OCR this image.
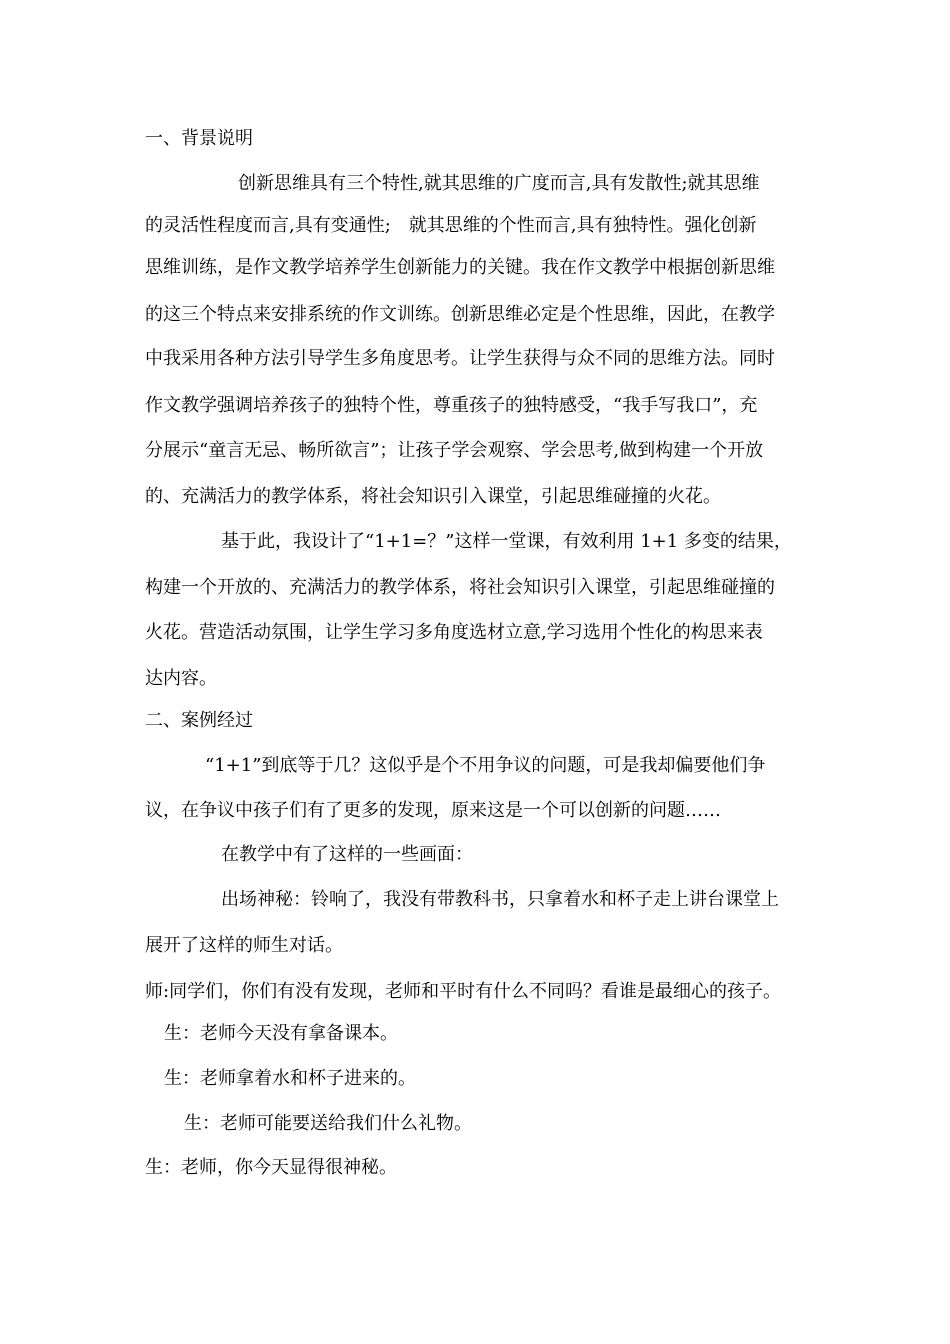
一、背景说明
创新思维具有三个特性,就其思维的广度而言,具有发散性;就其思维
的灵活性程度而言,具有变通性;　就其思维的个性而言,具有独特性。强化创新
思维训练，是作文教学培养学生创新能力的关键。我在作文教学中根据创新思维
的这三个特点来安排系统的作文训练。创新思维必定是个性思维，因此，在教学
中我采用各种方法引导学生多角度思考。让学生获得与众不同的思维方法。同时
作文教学强调培养孩子的独特个性，尊重孩子的独特感受，“我手写我口”，充
分展示“童言无忌、畅所欲言”；让孩子学会观察、学会思考,做到构建一个开放
的、充满活力的教学体系，将社会知识引入课堂，引起思维碰撞的火花。
基于此，我设计了“1+1=？”这样一堂课，有效利用 1+1 多变的结果，
构建一个开放的、充满活力的教学体系，将社会知识引入课堂，引起思维碰撞的
火花。营造活动氛围，让学生学习多角度选材立意,学习选用个性化的构思来表
达内容。
二、案例经过
“1+1”到底等于几？这似乎是个不用争议的问题，可是我却偏要他们争
议，在争议中孩子们有了更多的发现，原来这是一个可以创新的问题……
在教学中有了这样的一些画面：
出场神秘：铃响了，我没有带教科书，只拿着水和杯子走上讲台课堂上
展开了这样的师生对话。
师:同学们，你们有没有发现，老师和平时有什么不同吗？看谁是最细心的孩子。
生：老师今天没有拿备课本。
生：老师拿着水和杯子进来的。
生：老师可能要送给我们什么礼物。
生：老师，你今天显得很神秘。
